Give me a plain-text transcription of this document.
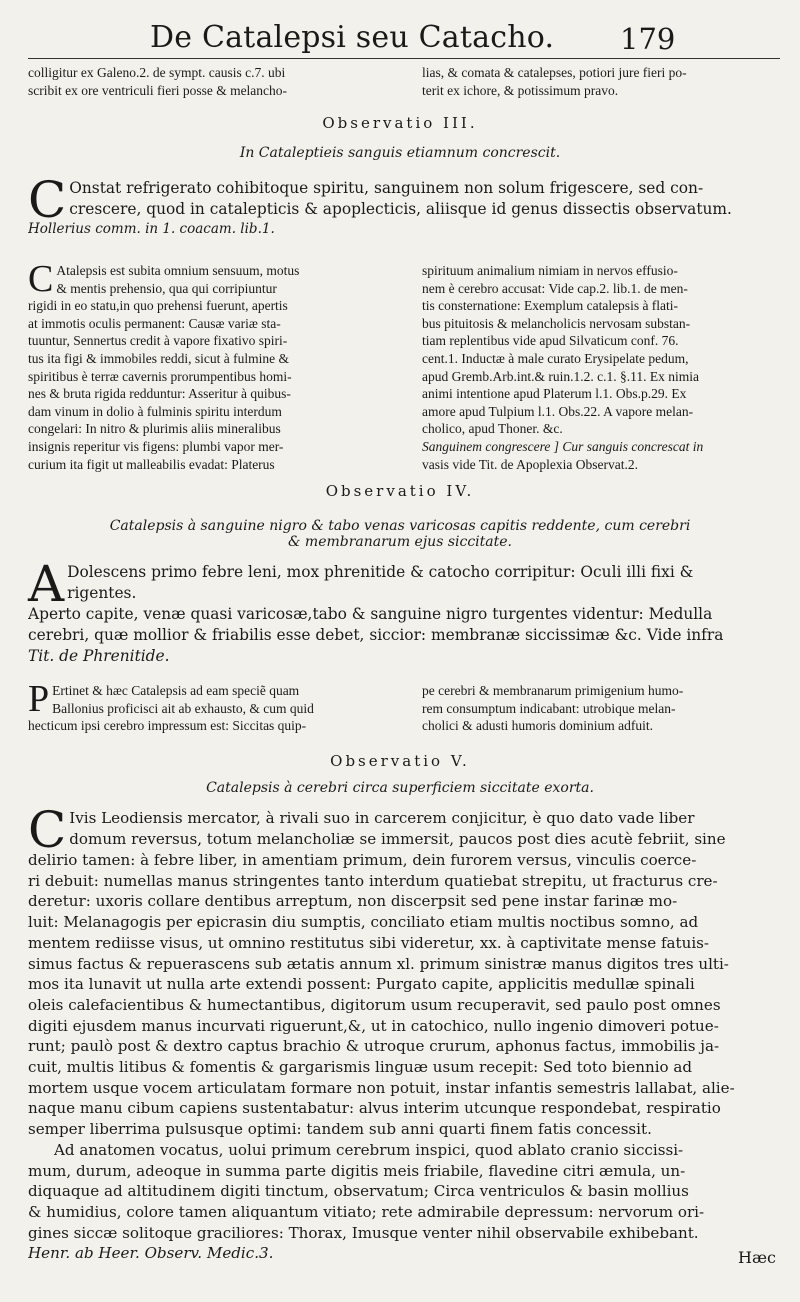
De Catalepsi seu Catacho. 179
colligitur ex Galeno.2. de sympt. causis c.7. ubi
scribit ex ore ventriculi fieri posse & melancho-
lias, & comata & catalepses, potiori jure fieri po-
terit ex ichore, & potissimum pravo.
Observatio III.
In Cataleptieis sanguis etiamnum concrescit.
C Onstat refrigerato cohibitoque spiritu, sanguinem non solum frigescere, sed con-
crescere, quod in catalepticis & apoplecticis, aliisque id genus dissectis observatum.
Hollerius comm. in 1. coacam. lib.1.
C Atalepsis est subita omnium sensuum, motus
& mentis prehensio, qua qui corripiuntur
rigidi in eo statu,in quo prehensi fuerunt, apertis
at immotis oculis permanent: Causæ variæ sta-
tuuntur, Sennertus credit à vapore fixativo spiri-
tus ita figi & immobiles reddi, sicut à fulmine &
spiritibus è terræ cavernis prorumpentibus homi-
nes & bruta rigida redduntur: Asseritur à quibus-
dam vinum in dolio à fulminis spiritu interdum
congelari: In nitro & plurimis aliis mineralibus
insignis reperitur vis figens: plumbi vapor mer-
curium ita figit ut malleabilis evadat: Platerus
spirituum animalium nimiam in nervos effusio-
nem è cerebro accusat: Vide cap.2. lib.1. de men-
tis consternatione: Exemplum catalepsis à flati-
bus pituitosis & melancholicis nervosam substan-
tiam replentibus vide apud Silvaticum conf. 76.
cent.1. Inductæ à male curato Erysipelate pedum,
apud Gremb.Arb.int.& ruin.1.2. c.1. §.11. Ex nimia
animi intentione apud Platerum l.1. Obs.p.29. Ex
amore apud Tulpium l.1. Obs.22. A vapore melan-
cholico, apud Thoner. &c.
Sanguinem congrescere ] Cur sanguis concrescat in
vasis vide Tit. de Apoplexia Observat.2.
Observatio IV.
Catalepsis à sanguine nigro & tabo venas varicosas capitis reddente, cum cerebri
& membranarum ejus siccitate.
A Dolescens primo febre leni, mox phrenitide & catocho corripitur: Oculi illi fixi &
rigentes.
Aperto capite, venæ quasi varicosæ,tabo & sanguine nigro turgentes videntur: Medulla
cerebri, quæ mollior & friabilis esse debet, siccior: membranæ siccissimæ &c. Vide infra
Tit. de Phrenitide.
P Ertinet & hæc Catalepsis ad eam speciẽ quam
Ballonius proficisci ait ab exhausto, & cum quid
hecticum ipsi cerebro impressum est: Siccitas quip-
pe cerebri & membranarum primigenium humo-
rem consumptum indicabant: utrobique melan-
cholici & adusti humoris dominium adfuit.
Observatio V.
Catalepsis à cerebri circa superficiem siccitate exorta.
C Ivis Leodiensis mercator, à rivali suo in carcerem conjicitur, è quo dato vade liber
domum reversus, totum melancholiæ se immersit, paucos post dies acutè febriit, sine
delirio tamen: à febre liber, in amentiam primum, dein furorem versus, vinculis coerce-
ri debuit: numellas manus stringentes tanto interdum quatiebat strepitu, ut fracturus cre-
deretur: uxoris collare dentibus arreptum, non discerpsit sed pene instar farinæ mo-
luit: Melanagogis per epicrasin diu sumptis, conciliato etiam multis noctibus somno, ad
mentem rediisse visus, ut omnino restitutus sibi videretur, xx. à captivitate mense fatuis-
simus factus & repuerascens sub ætatis annum xl. primum sinistræ manus digitos tres ulti-
mos ita lunavit ut nulla arte extendi possent: Purgato capite, applicitis medullæ spinali
oleis calefacientibus & humectantibus, digitorum usum recuperavit, sed paulo post omnes
digiti ejusdem manus incurvati riguerunt,&, ut in catochico, nullo ingenio dimoveri potue-
runt; paulò post & dextro captus brachio & utroque crurum, aphonus factus, immobilis ja-
cuit, multis litibus & fomentis & gargarismis linguæ usum recepit: Sed toto biennio ad
mortem usque vocem articulatam formare non potuit, instar infantis semestris lallabat, alie-
naque manu cibum capiens sustentabatur: alvus interim utcunque respondebat, respiratio
semper liberrima pulsusque optimi: tandem sub anni quarti finem fatis concessit.
Ad anatomen vocatus, uolui primum cerebrum inspici, quod ablato cranio siccissi-
mum, durum, adeoque in summa parte digitis meis friabile, flavedine citri æmula, un-
diquaque ad altitudinem digiti tinctum, observatum; Circa ventriculos & basin mollius
& humidius, colore tamen aliquantum vitiato; rete admirabile depressum: nervorum ori-
gines siccæ solitoque graciliores: Thorax, Imusque venter nihil observabile exhibebant.
Henr. ab Heer. Observ. Medic.3.	Hæc
